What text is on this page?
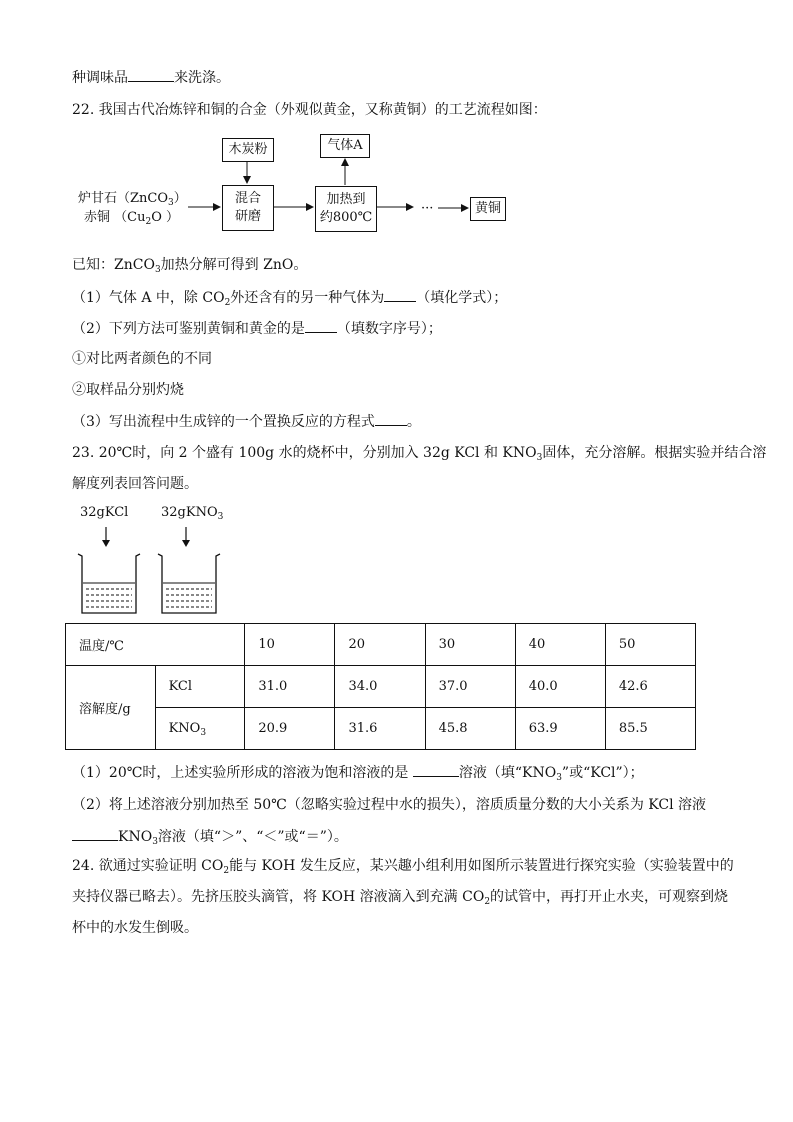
种调味品	来洗涤。
22. 我国古代冶炼锌和铜的合金（外观似黄金，又称黄铜）的工艺流程如图：
木炭粉	气体A
炉甘石（ZnCO$_3$）
赤铜 （$Cu_2O$ ）
混合
研磨
加热到
约800℃
···	黄铜
已知：ZnCO$_3$加热分解可得到 ZnO。
（1）气体 A 中，除 $CO_2$外还含有的另一种气体为 （填化学式）；
（2）下列方法可鉴别黄铜和黄金的是 （填数字序号）；
①对比两者颜色的不同
②取样品分别灼烧
（3）写出流程中生成锌的一个置换反应的方程式 。
23. 20℃时，向 2 个盛有 100g 水的烧杯中，分别加入 32g KCl 和 $KNO_3$固体，充分溶解。根据实验并结合溶
解度列表回答问题。
32gKCl	32gKNO$_3$
温度/℃		10	20	30	40	50
溶解度/g	KCl	31.0	34.0	37.0	40.0	42.6
	$KNO_3$	20.9	31.6	45.8	63.9	85.5
（1）20℃时，上述实验所形成的溶液为饱和溶液的是	溶液（填“$KNO_3$”或“KCl”）；
（2）将上述溶液分别加热至 50℃（忽略实验过程中水的损失），溶质质量分数的大小关系为 KCl 溶液
$KNO_3$溶液（填“＞”、“＜”或“＝”）。
24. 欲通过实验证明 $CO_2$能与 KOH 发生反应，某兴趣小组利用如图所示装置进行探究实验（实验装置中的
夹持仪器已略去）。先挤压胶头滴管，将 KOH 溶液滴入到充满 $CO_2$的试管中，再打开止水夹，可观察到烧
杯中的水发生倒吸。
